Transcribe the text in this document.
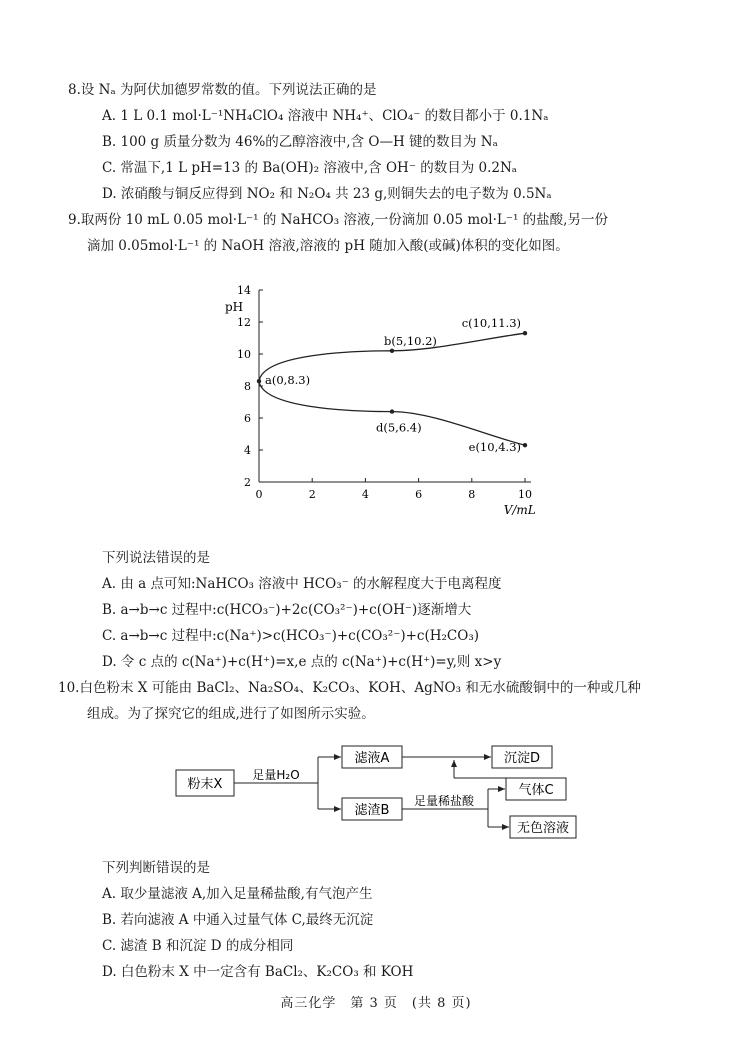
8.设 Nₐ 为阿伏加德罗常数的值。下列说法正确的是
A. 1 L 0.1 mol·L⁻¹NH₄ClO₄ 溶液中 NH₄⁺、ClO₄⁻ 的数目都小于 0.1Nₐ
B. 100 g 质量分数为 46%的乙醇溶液中,含 O—H 键的数目为 Nₐ
C. 常温下,1 L pH=13 的 Ba(OH)₂ 溶液中,含 OH⁻ 的数目为 0.2Nₐ
D. 浓硝酸与铜反应得到 NO₂ 和 N₂O₄ 共 23 g,则铜失去的电子数为 0.5Nₐ
9.取两份 10 mL 0.05 mol·L⁻¹ 的 NaHCO₃ 溶液,一份滴加 0.05 mol·L⁻¹ 的盐酸,另一份
滴加 0.05mol·L⁻¹ 的 NaOH 溶液,溶液的 pH 随加入酸(或碱)体积的变化如图。
0	2	4	6	8	10
2
4
6
8
10
12
14
pH
V/mL
a(0,8.3)
b(5,10.2)
c(10,11.3)
d(5,6.4)
e(10,4.3)
下列说法错误的是
A. 由 a 点可知:NaHCO₃ 溶液中 HCO₃⁻ 的水解程度大于电离程度
B. a→b→c 过程中:c(HCO₃⁻)+2c(CO₃²⁻)+c(OH⁻)逐渐增大
C. a→b→c 过程中:c(Na⁺)>c(HCO₃⁻)+c(CO₃²⁻)+c(H₂CO₃)
D. 令 c 点的 c(Na⁺)+c(H⁺)=x,e 点的 c(Na⁺)+c(H⁺)=y,则 x>y
10.白色粉末 X 可能由 BaCl₂、Na₂SO₄、K₂CO₃、KOH、AgNO₃ 和无水硫酸铜中的一种或几种
组成。为了探究它的组成,进行了如图所示实验。
粉末X
滤液A
滤渣B
沉淀D
气体C
无色溶液
足量H₂O
足量稀盐酸
下列判断错误的是
A. 取少量滤液 A,加入足量稀盐酸,有气泡产生
B. 若向滤液 A 中通入过量气体 C,最终无沉淀
C. 滤渣 B 和沉淀 D 的成分相同
D. 白色粉末 X 中一定含有 BaCl₂、K₂CO₃ 和 KOH
高三化学　第 3 页　(共 8 页)
